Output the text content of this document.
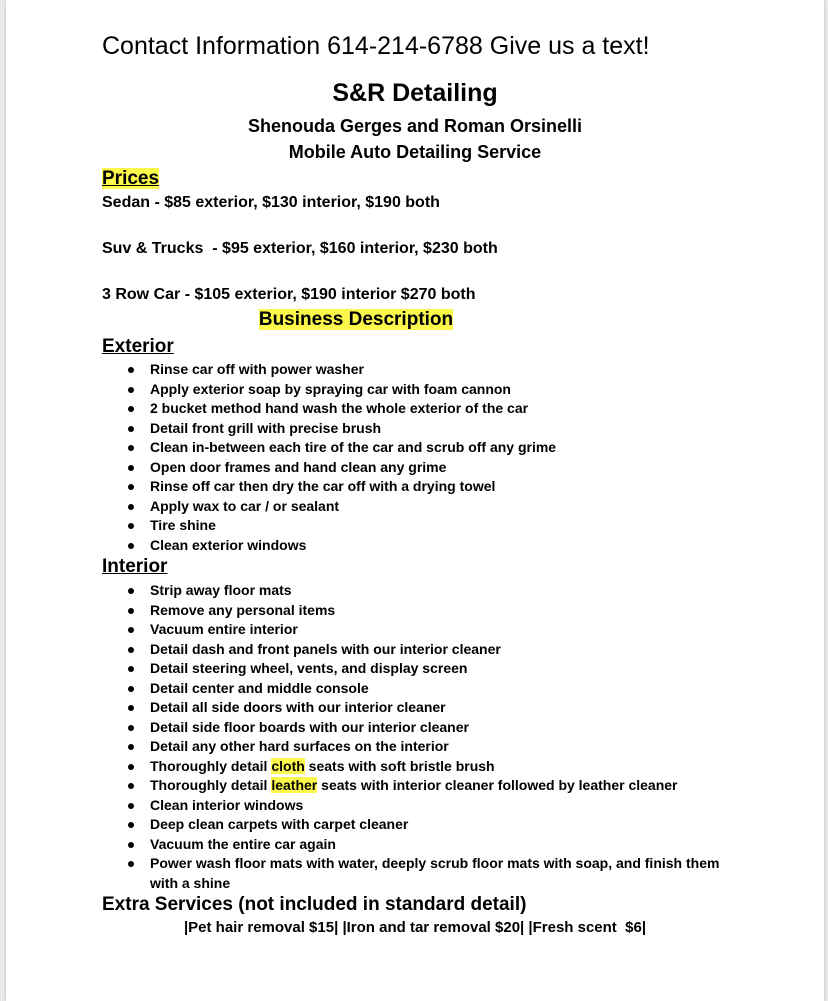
Contact Information 614-214-6788 Give us a text!
S&R Detailing
Shenouda Gerges and Roman Orsinelli
Mobile Auto Detailing Service
Prices
Sedan - $85 exterior, $130 interior, $190 both
Suv & Trucks  - $95 exterior, $160 interior, $230 both
3 Row Car - $105 exterior, $190 interior $270 both
Business Description
Exterior
Rinse car off with power washer
Apply exterior soap by spraying car with foam cannon
2 bucket method hand wash the whole exterior of the car
Detail front grill with precise brush
Clean in-between each tire of the car and scrub off any grime
Open door frames and hand clean any grime
Rinse off car then dry the car off with a drying towel
Apply wax to car / or sealant
Tire shine
Clean exterior windows
Interior
Strip away floor mats
Remove any personal items
Vacuum entire interior
Detail dash and front panels with our interior cleaner
Detail steering wheel, vents, and display screen
Detail center and middle console
Detail all side doors with our interior cleaner
Detail side floor boards with our interior cleaner
Detail any other hard surfaces on the interior
Thoroughly detail cloth seats with soft bristle brush
Thoroughly detail leather seats with interior cleaner followed by leather cleaner
Clean interior windows
Deep clean carpets with carpet cleaner
Vacuum the entire car again
Power wash floor mats with water, deeply scrub floor mats with soap, and finish them with a shine
Extra Services (not included in standard detail)
|Pet hair removal $15| |Iron and tar removal $20| |Fresh scent  $6|
